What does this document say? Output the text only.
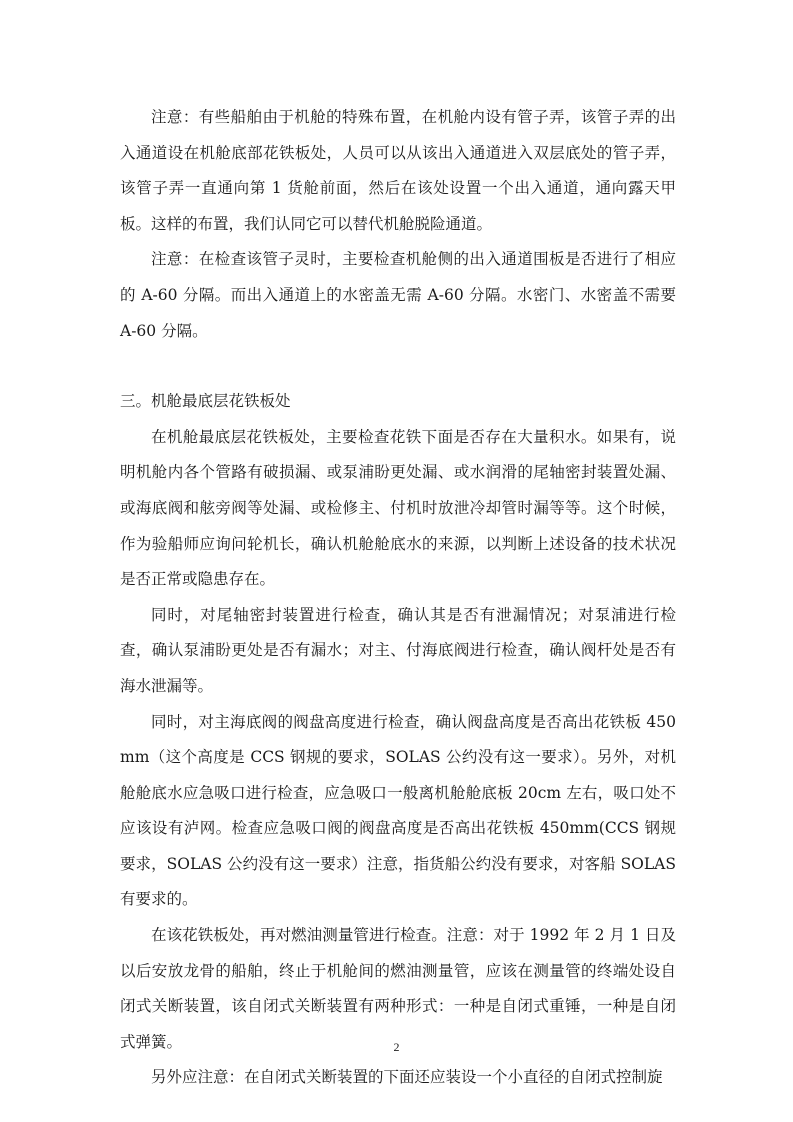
注意：有些船舶由于机舱的特殊布置，在机舱内设有管子弄，该管子弄的出入通道设在机舱底部花铁板处，人员可以从该出入通道进入双层底处的管子弄，该管子弄一直通向第 1 货舱前面，然后在该处设置一个出入通道，通向露天甲板。这样的布置，我们认同它可以替代机舱脱险通道。

注意：在检查该管子灵时，主要检查机舱侧的出入通道围板是否进行了相应的 A-60 分隔。而出入通道上的水密盖无需 A-60 分隔。水密门、水密盖不需要 A-60 分隔。

三。机舱最底层花铁板处

在机舱最底层花铁板处，主要检查花铁下面是否存在大量积水。如果有，说明机舱内各个管路有破损漏、或泵浦盼更处漏、或水润滑的尾轴密封装置处漏、或海底阀和舷旁阀等处漏、或检修主、付机时放泄冷却管时漏等等。这个时候，作为验船师应询问轮机长，确认机舱舱底水的来源，以判断上述设备的技术状况是否正常或隐患存在。

同时，对尾轴密封装置进行检查，确认其是否有泄漏情况；对泵浦进行检查，确认泵浦盼更处是否有漏水；对主、付海底阀进行检查，确认阀杆处是否有海水泄漏等。

同时，对主海底阀的阀盘高度进行检查，确认阀盘高度是否高出花铁板 450mm（这个高度是 CCS 钢规的要求，SOLAS 公约没有这一要求）。另外，对机舱舱底水应急吸口进行检查，应急吸口一般离机舱舱底板 20cm 左右，吸口处不应该设有泸网。检查应急吸口阀的阀盘高度是否高出花铁板 450mm(CCS 钢规要求，SOLAS 公约没有这一要求）注意，指货船公约没有要求，对客船 SOLAS 有要求的。

在该花铁板处，再对燃油测量管进行检查。注意：对于 1992 年 2 月 1 日及以后安放龙骨的船舶，终止于机舱间的燃油测量管，应该在测量管的终端处设自闭式关断装置，该自闭式关断装置有两种形式：一种是自闭式重锤，一种是自闭式弹簧。

另外应注意：在自闭式关断装置的下面还应装设一个小直径的自闭式控制旋

2
